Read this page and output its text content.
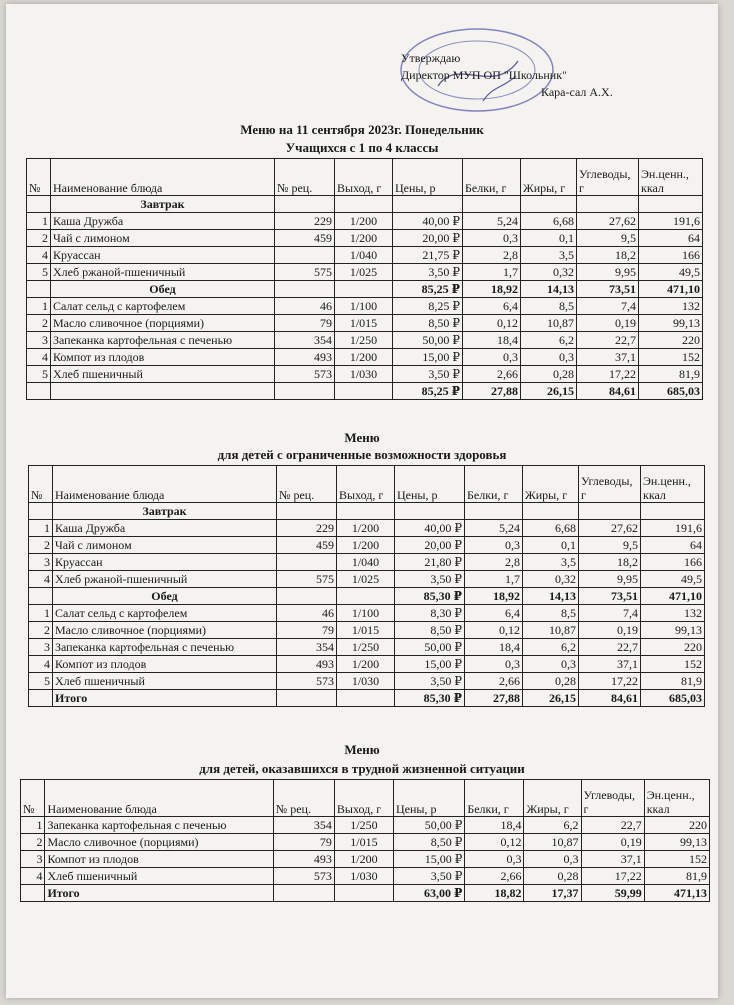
Утверждаю
Директор МУП ОП "Школьник"
Кара-сал А.Х.
Меню на 11 сентября 2023г. Понедельник
Учащихся с 1 по 4 классы
№	Наименование блюда	№ рец.	Выход, г	Цены, р	Белки, г	Жиры, г	Углеводы, г	Эн.ценн., ккал
	Завтрак							
1	Каша Дружба	229	1/200	40,00 ₽	5,24	6,68	27,62	191,6
2	Чай с лимоном	459	1/200	20,00 ₽	0,3	0,1	9,5	64
4	Круассан		1/040	21,75 ₽	2,8	3,5	18,2	166
5	Хлеб ржаной-пшеничный	575	1/025	3,50 ₽	1,7	0,32	9,95	49,5
	Обед			85,25 ₽	18,92	14,13	73,51	471,10
1	Салат сельд с картофелем	46	1/100	8,25 ₽	6,4	8,5	7,4	132
2	Масло сливочное (порциями)	79	1/015	8,50 ₽	0,12	10,87	0,19	99,13
3	Запеканка картофельная с печенью	354	1/250	50,00 ₽	18,4	6,2	22,7	220
4	Компот из плодов	493	1/200	15,00 ₽	0,3	0,3	37,1	152
5	Хлеб пшеничный	573	1/030	3,50 ₽	2,66	0,28	17,22	81,9
				85,25 ₽	27,88	26,15	84,61	685,03
Меню
для детей с ограниченные возможности здоровья
№	Наименование блюда	№ рец.	Выход, г	Цены, р	Белки, г	Жиры, г	Углеводы, г	Эн.ценн., ккал
	Завтрак							
1	Каша Дружба	229	1/200	40,00 ₽	5,24	6,68	27,62	191,6
2	Чай с лимоном	459	1/200	20,00 ₽	0,3	0,1	9,5	64
3	Круассан		1/040	21,80 ₽	2,8	3,5	18,2	166
4	Хлеб ржаной-пшеничный	575	1/025	3,50 ₽	1,7	0,32	9,95	49,5
	Обед			85,30 ₽	18,92	14,13	73,51	471,10
1	Салат сельд с картофелем	46	1/100	8,30 ₽	6,4	8,5	7,4	132
2	Масло сливочное (порциями)	79	1/015	8,50 ₽	0,12	10,87	0,19	99,13
3	Запеканка картофельная с печенью	354	1/250	50,00 ₽	18,4	6,2	22,7	220
4	Компот из плодов	493	1/200	15,00 ₽	0,3	0,3	37,1	152
5	Хлеб пшеничный	573	1/030	3,50 ₽	2,66	0,28	17,22	81,9
	Итого			85,30 ₽	27,88	26,15	84,61	685,03
Меню
для детей, оказавшихся в трудной жизненной ситуации
№	Наименование блюда	№ рец.	Выход, г	Цены, р	Белки, г	Жиры, г	Углеводы, г	Эн.ценн., ккал
1	Запеканка картофельная с печенью	354	1/250	50,00 ₽	18,4	6,2	22,7	220
2	Масло сливочное (порциями)	79	1/015	8,50 ₽	0,12	10,87	0,19	99,13
3	Компот из плодов	493	1/200	15,00 ₽	0,3	0,3	37,1	152
4	Хлеб пшеничный	573	1/030	3,50 ₽	2,66	0,28	17,22	81,9
	Итого			63,00 ₽	18,82	17,37	59,99	471,13
